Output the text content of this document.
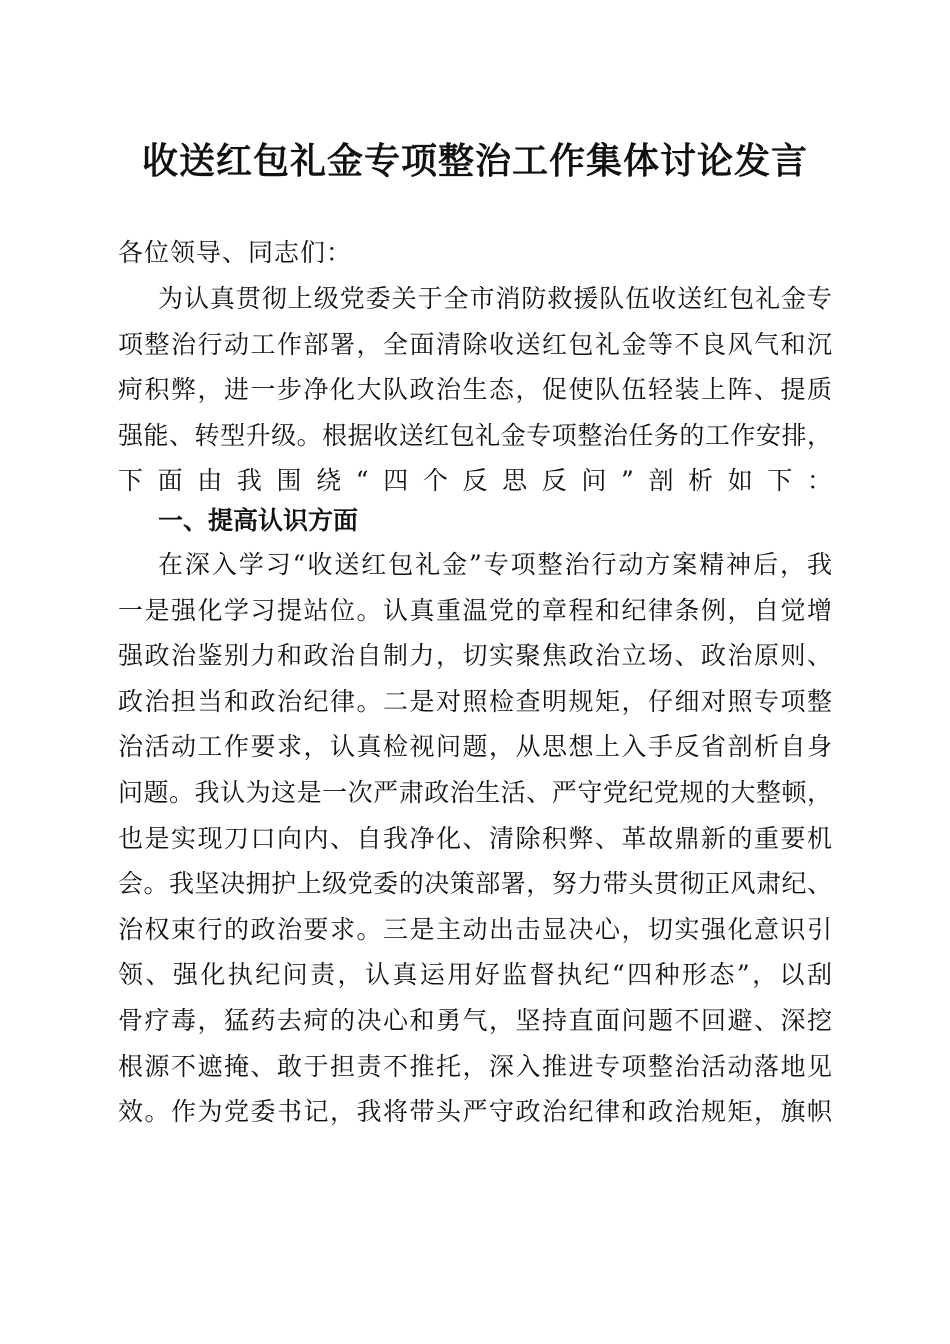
收送红包礼金专项整治工作集体讨论发言
各位领导、同志们：
为认真贯彻上级党委关于全市消防救援队伍收送红包礼金专
项整治行动工作部署，全面清除收送红包礼金等不良风气和沉
疴积弊，进一步净化大队政治生态，促使队伍轻装上阵、提质
强能、转型升级。根据收送红包礼金专项整治任务的工作安排，
下面由我围绕“四个反思反问”剖析如下：
一、提高认识方面
在深入学习“收送红包礼金”专项整治行动方案精神后，我
一是强化学习提站位。认真重温党的章程和纪律条例，自觉增
强政治鉴别力和政治自制力，切实聚焦政治立场、政治原则、
政治担当和政治纪律。二是对照检查明规矩，仔细对照专项整
治活动工作要求，认真检视问题，从思想上入手反省剖析自身
问题。我认为这是一次严肃政治生活、严守党纪党规的大整顿，
也是实现刀口向内、自我净化、清除积弊、革故鼎新的重要机
会。我坚决拥护上级党委的决策部署，努力带头贯彻正风肃纪、
治权束行的政治要求。三是主动出击显决心，切实强化意识引
领、强化执纪问责，认真运用好监督执纪“四种形态”，以刮
骨疗毒，猛药去疴的决心和勇气，坚持直面问题不回避、深挖
根源不遮掩、敢于担责不推托，深入推进专项整治活动落地见
效。作为党委书记，我将带头严守政治纪律和政治规矩，旗帜
